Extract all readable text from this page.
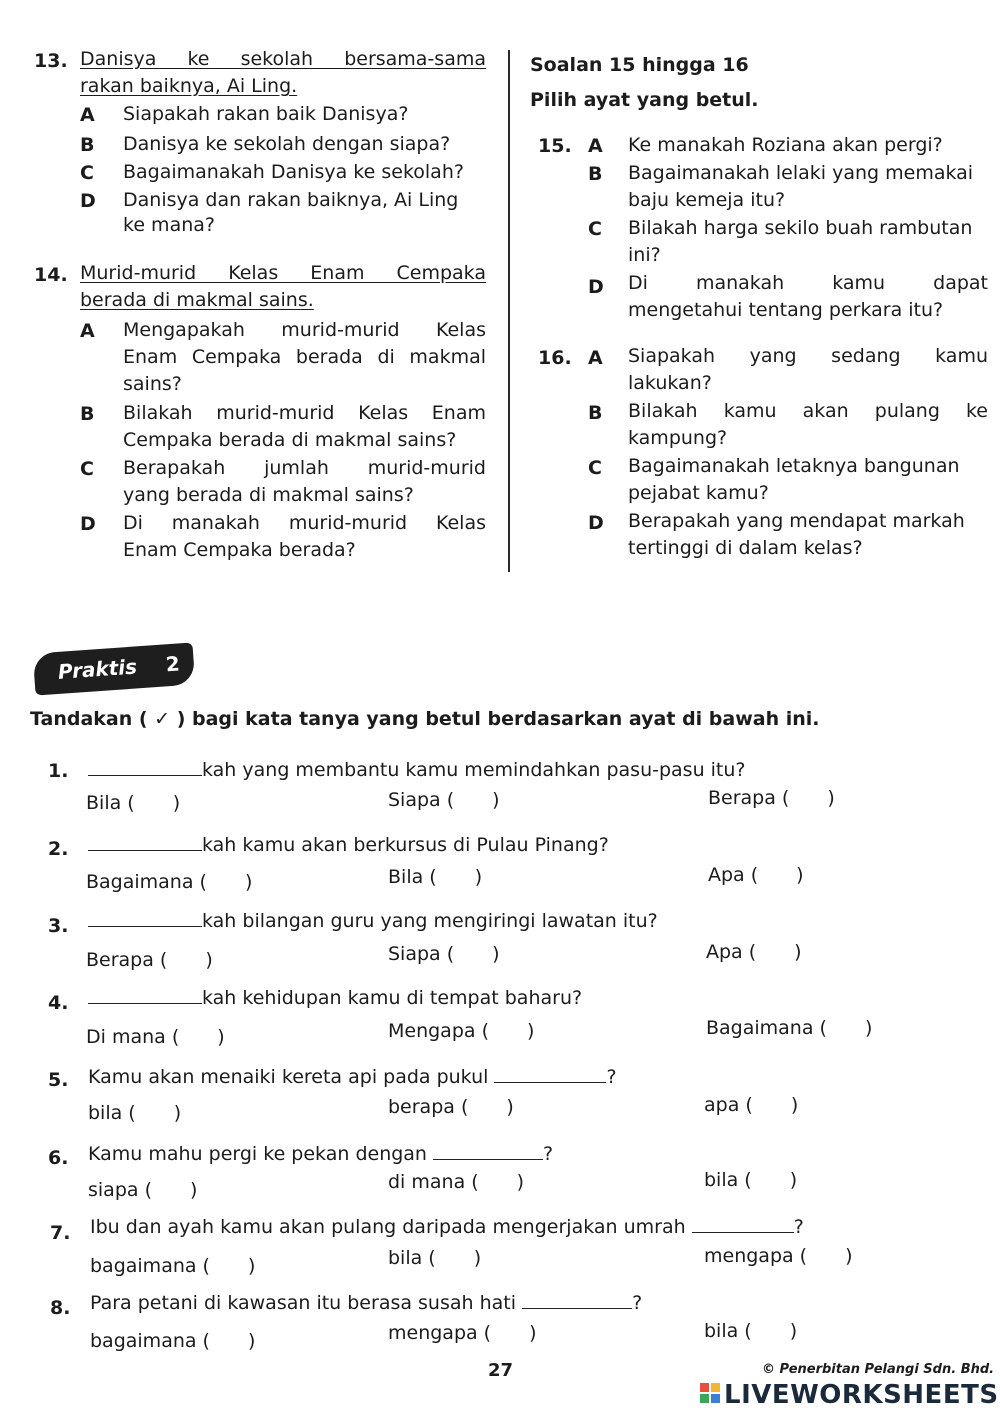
13. Danisya ke sekolah bersama-sama
rakan baiknya, Ai Ling.
A Siapakah rakan baik Danisya?
B Danisya ke sekolah dengan siapa?
C Bagaimanakah Danisya ke sekolah?
D Danisya dan rakan baiknya, Ai Ling
ke mana?
14. Murid-murid Kelas Enam Cempaka
berada di makmal sains.
A Mengapakah murid-murid Kelas
Enam Cempaka berada di makmal
sains?
B Bilakah murid-murid Kelas Enam
Cempaka berada di makmal sains?
C Berapakah jumlah murid-murid
yang berada di makmal sains?
D Di manakah murid-murid Kelas
Enam Cempaka berada?
Soalan 15 hingga 16
Pilih ayat yang betul.
15. A Ke manakah Roziana akan pergi?
B Bagaimanakah lelaki yang memakai
baju kemeja itu?
C Bilakah harga sekilo buah rambutan
ini?
D Di manakah kamu dapat
mengetahui tentang perkara itu?
16. A Siapakah yang sedang kamu
lakukan?
B Bilakah kamu akan pulang ke
kampung?
C Bagaimanakah letaknya bangunan
pejabat kamu?
D Berapakah yang mendapat markah
tertinggi di dalam kelas?
Praktis 2
Tandakan ( ✓ ) bagi kata tanya yang betul berdasarkan ayat di bawah ini.
1.	kah yang membantu kamu memindahkan pasu-pasu itu?
Bila ( )	Siapa ( )	Berapa ( )
2.	kah kamu akan berkursus di Pulau Pinang?
Bagaimana ( )	Bila ( )	Apa ( )
3.	kah bilangan guru yang mengiringi lawatan itu?
Berapa ( )	Siapa ( )	Apa ( )
4.	kah kehidupan kamu di tempat baharu?
Di mana ( )	Mengapa ( )	Bagaimana ( )
5. Kamu akan menaiki kereta api pada pukul	?
bila ( )	berapa ( )	apa ( )
6. Kamu mahu pergi ke pekan dengan	?
siapa ( )	di mana ( )	bila ( )
7. Ibu dan ayah kamu akan pulang daripada mengerjakan umrah	?
bagaimana ( )	bila ( )	mengapa ( )
8. Para petani di kawasan itu berasa susah hati	?
bagaimana ( )	mengapa ( )	bila ( )
27	© Penerbitan Pelangi Sdn. Bhd.
LIVEWORKSHEETS
